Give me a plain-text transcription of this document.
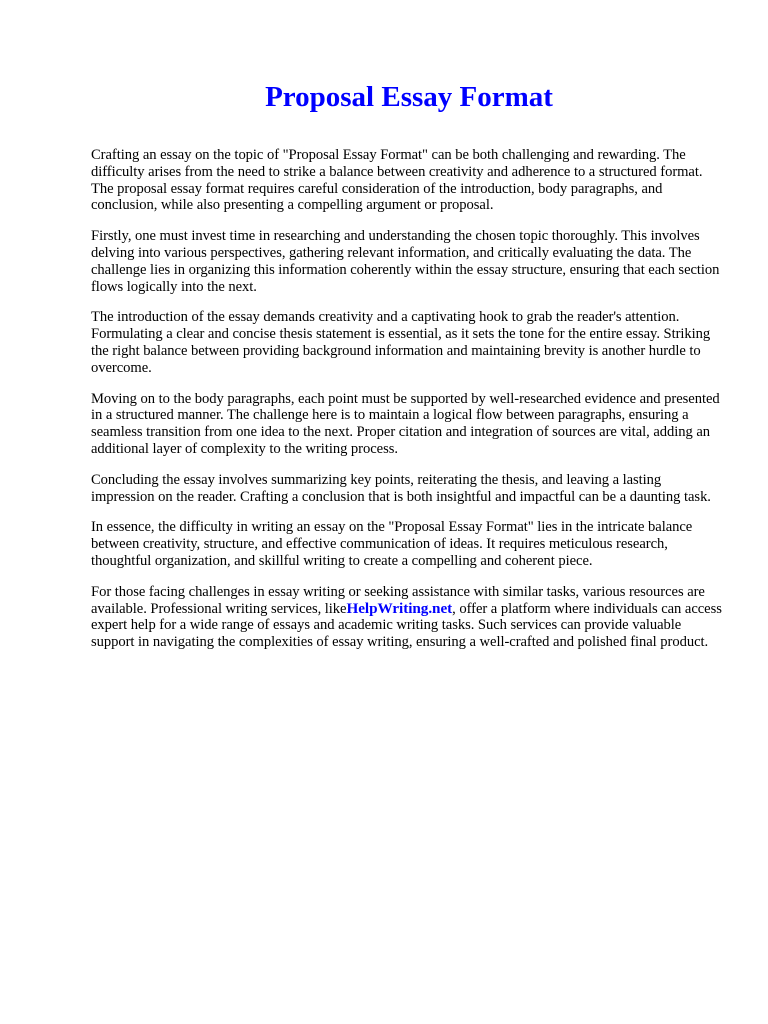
Proposal Essay Format

Crafting an essay on the topic of "Proposal Essay Format" can be both challenging and rewarding. The difficulty arises from the need to strike a balance between creativity and adherence to a structured format. The proposal essay format requires careful consideration of the introduction, body paragraphs, and conclusion, while also presenting a compelling argument or proposal.

Firstly, one must invest time in researching and understanding the chosen topic thoroughly. This involves delving into various perspectives, gathering relevant information, and critically evaluating the data. The challenge lies in organizing this information coherently within the essay structure, ensuring that each section flows logically into the next.

The introduction of the essay demands creativity and a captivating hook to grab the reader's attention. Formulating a clear and concise thesis statement is essential, as it sets the tone for the entire essay. Striking the right balance between providing background information and maintaining brevity is another hurdle to overcome.

Moving on to the body paragraphs, each point must be supported by well-researched evidence and presented in a structured manner. The challenge here is to maintain a logical flow between paragraphs, ensuring a seamless transition from one idea to the next. Proper citation and integration of sources are vital, adding an additional layer of complexity to the writing process.

Concluding the essay involves summarizing key points, reiterating the thesis, and leaving a lasting impression on the reader. Crafting a conclusion that is both insightful and impactful can be a daunting task.

In essence, the difficulty in writing an essay on the "Proposal Essay Format" lies in the intricate balance between creativity, structure, and effective communication of ideas. It requires meticulous research, thoughtful organization, and skillful writing to create a compelling and coherent piece.

For those facing challenges in essay writing or seeking assistance with similar tasks, various resources are available. Professional writing services, likeHelpWriting.net, offer a platform where individuals can access expert help for a wide range of essays and academic writing tasks. Such services can provide valuable support in navigating the complexities of essay writing, ensuring a well-crafted and polished final product.
